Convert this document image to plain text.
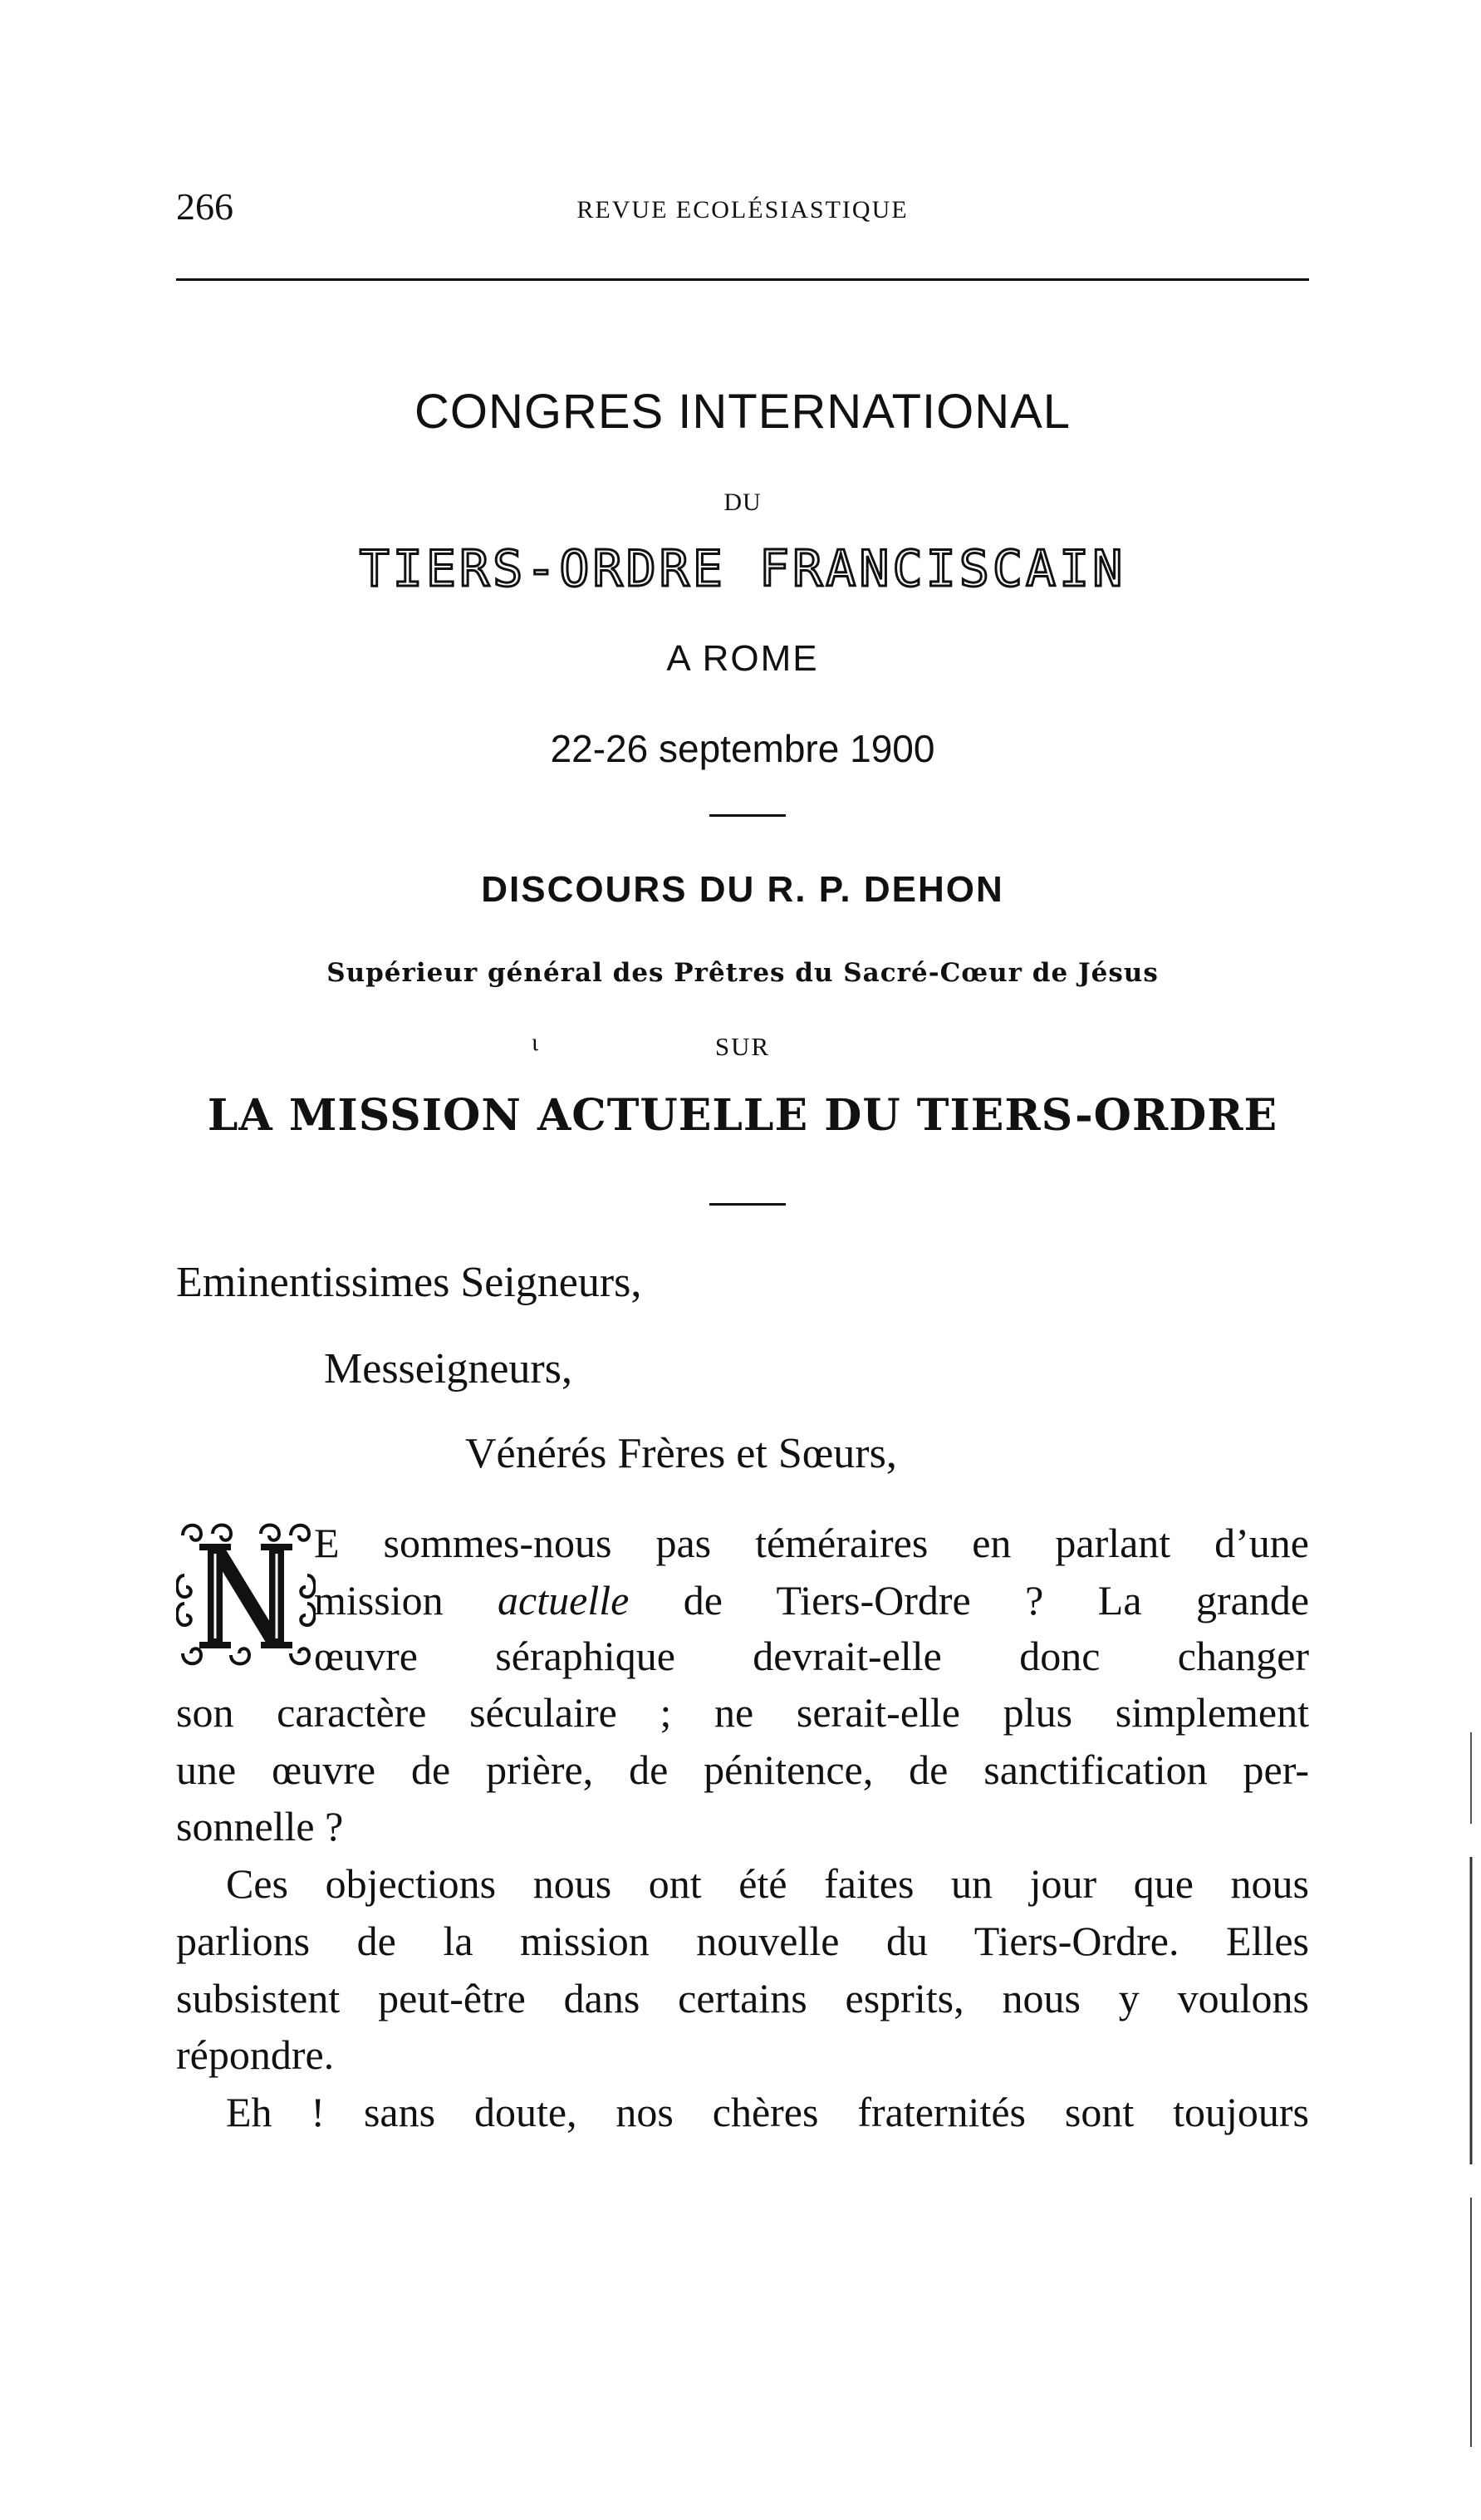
266	REVUE ECOLÉSIASTIQUE
CONGRES INTERNATIONAL
DU
TIERS-ORDRE FRANCISCAIN
A ROME
22-26 septembre 1900
DISCOURS DU R. P. DEHON
Supérieur général des Prêtres du Sacré-Cœur de Jésus
ι	SUR
LA MISSION ACTUELLE DU TIERS-ORDRE
Eminentissimes Seigneurs,
Messeigneurs,
Vénérés Frères et Sœurs,
E sommes-nous pas téméraires en parlant d’une
mission actuelle de Tiers-Ordre ? La grande
œuvre séraphique devrait-elle donc changer
son caractère séculaire ; ne serait-elle plus simplement
une œuvre de prière, de pénitence, de sanctification per-
sonnelle ?
Ces objections nous ont été faites un jour que nous
parlions de la mission nouvelle du Tiers-Ordre. Elles
subsistent peut-être dans certains esprits, nous y voulons
répondre.
Eh ! sans doute, nos chères fraternités sont toujours
